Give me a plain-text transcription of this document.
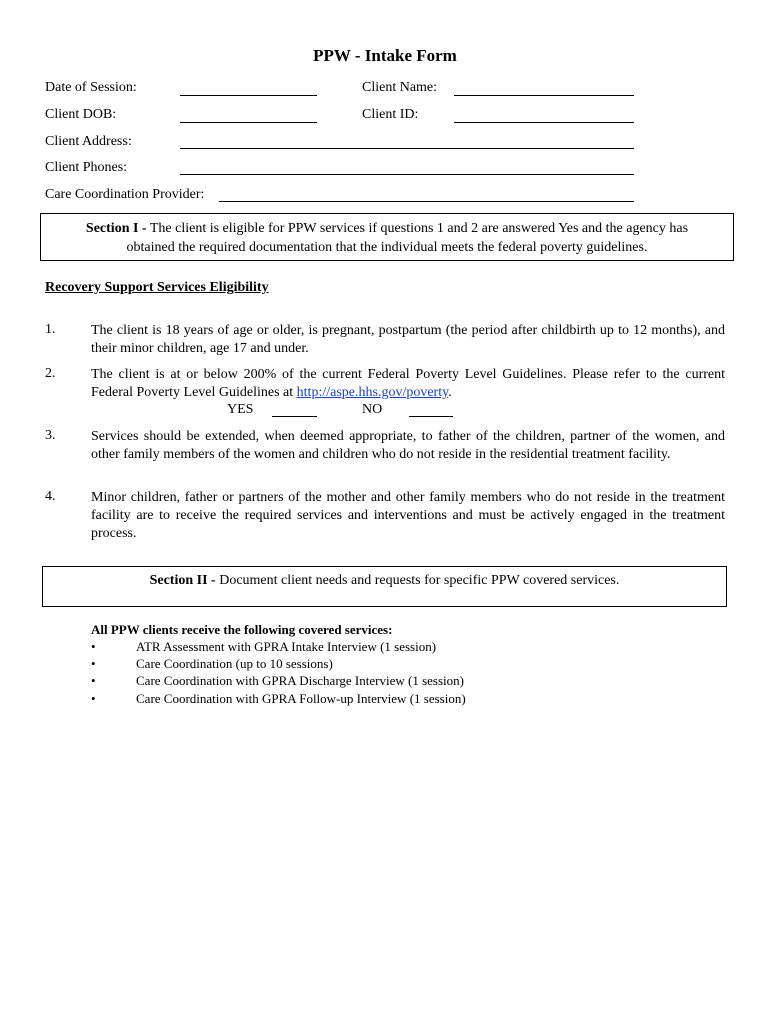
PPW - Intake Form
Date of Session:	Client Name:
Client DOB:	Client ID:
Client Address:
Client Phones:
Care Coordination Provider:
Section I - The client is eligible for PPW services if questions 1 and 2 are answered Yes and the agency has
obtained the required documentation that the individual meets the federal poverty guidelines.
Recovery Support Services Eligibility
1.	The client is 18 years of age or older, is pregnant, postpartum (the period after childbirth up to 12 months), and their minor children, age 17 and under.
2.	The client is at or below 200% of the current Federal Poverty Level Guidelines. Please refer to the current Federal Poverty Level Guidelines at http://aspe.hhs.gov/poverty.
YES	NO
3.	Services should be extended, when deemed appropriate, to father of the children, partner of the women, and other family members of the women and children who do not reside in the residential treatment facility.
4.	Minor children, father or partners of the mother and other family members who do not reside in the treatment facility are to receive the required services and interventions and must be actively engaged in the treatment process.
Section II - Document client needs and requests for specific PPW covered services.
All PPW clients receive the following covered services:
•	ATR Assessment with GPRA Intake Interview (1 session)
•	Care Coordination (up to 10 sessions)
•	Care Coordination with GPRA Discharge Interview (1 session)
•	Care Coordination with GPRA Follow-up Interview (1 session)
